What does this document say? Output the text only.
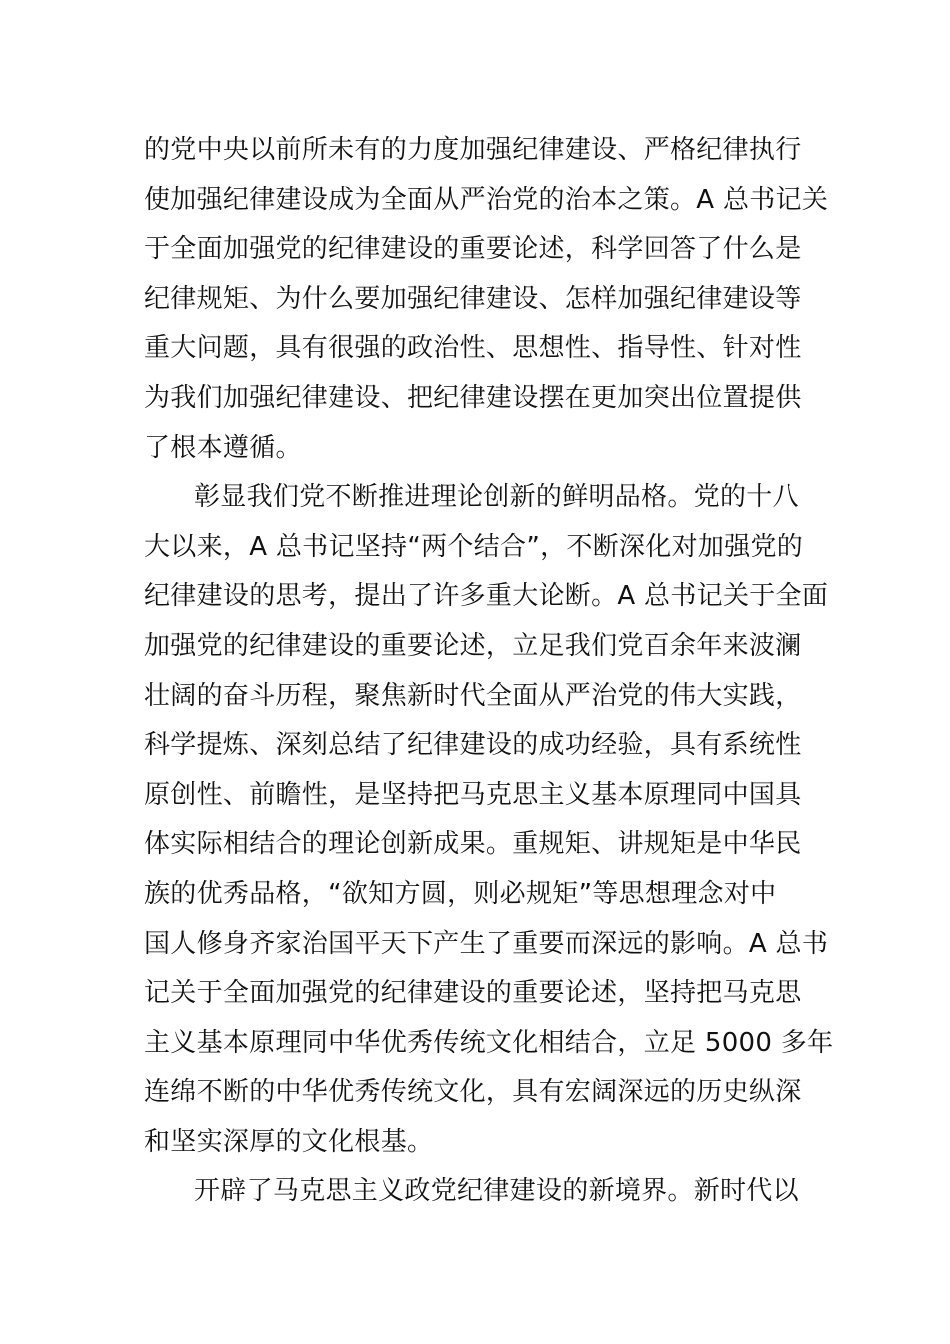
的党中央以前所未有的力度加强纪律建设、严格纪律执行
使加强纪律建设成为全面从严治党的治本之策。A 总书记关
于全面加强党的纪律建设的重要论述，科学回答了什么是
纪律规矩、为什么要加强纪律建设、怎样加强纪律建设等
重大问题，具有很强的政治性、思想性、指导性、针对性
为我们加强纪律建设、把纪律建设摆在更加突出位置提供
了根本遵循。
彰显我们党不断推进理论创新的鲜明品格。党的十八
大以来，A 总书记坚持“两个结合”，不断深化对加强党的
纪律建设的思考，提出了许多重大论断。A 总书记关于全面
加强党的纪律建设的重要论述，立足我们党百余年来波澜
壮阔的奋斗历程，聚焦新时代全面从严治党的伟大实践，
科学提炼、深刻总结了纪律建设的成功经验，具有系统性
原创性、前瞻性，是坚持把马克思主义基本原理同中国具
体实际相结合的理论创新成果。重规矩、讲规矩是中华民
族的优秀品格，“欲知方圆，则必规矩”等思想理念对中
国人修身齐家治国平天下产生了重要而深远的影响。A 总书
记关于全面加强党的纪律建设的重要论述，坚持把马克思
主义基本原理同中华优秀传统文化相结合，立足 5000 多年
连绵不断的中华优秀传统文化，具有宏阔深远的历史纵深
和坚实深厚的文化根基。
开辟了马克思主义政党纪律建设的新境界。新时代以
